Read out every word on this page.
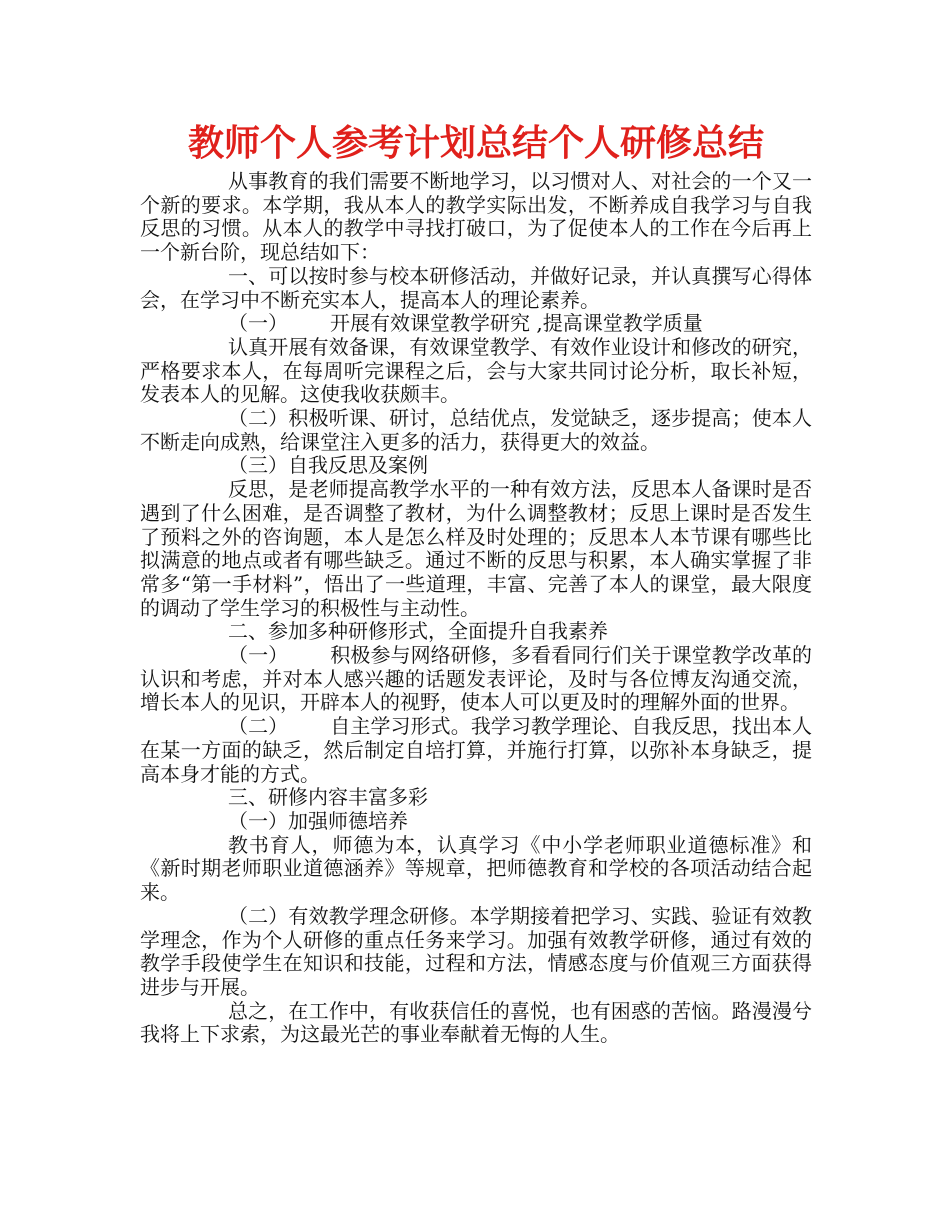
教师个人参考计划总结个人研修总结

从事教育的我们需要不断地学习，以习惯对人、对社会的一个又一个新的要求。本学期，我从本人的教学实际出发，不断养成自我学习与自我反思的习惯。从本人的教学中寻找打破口，为了促使本人的工作在今后再上一个新台阶，现总结如下：

一、可以按时参与校本研修活动，并做好记录，并认真撰写心得体会，在学习中不断充实本人，提高本人的理论素养。

（一） 开展有效课堂教学研究 ,提高课堂教学质量

认真开展有效备课，有效课堂教学、有效作业设计和修改的研究，严格要求本人，在每周听完课程之后，会与大家共同讨论分析，取长补短，发表本人的见解。这使我收获颇丰。

（二）积极听课、研讨，总结优点，发觉缺乏，逐步提高；使本人不断走向成熟，给课堂注入更多的活力，获得更大的效益。

（三）自我反思及案例

反思，是老师提高教学水平的一种有效方法，反思本人备课时是否遇到了什么困难，是否调整了教材，为什么调整教材；反思上课时是否发生了预料之外的咨询题，本人是怎么样及时处理的；反思本人本节课有哪些比拟满意的地点或者有哪些缺乏。通过不断的反思与积累，本人确实掌握了非常多“第一手材料”，悟出了一些道理，丰富、完善了本人的课堂，最大限度的调动了学生学习的积极性与主动性。

二、参加多种研修形式，全面提升自我素养

（一） 积极参与网络研修，多看看同行们关于课堂教学改革的认识和考虑，并对本人感兴趣的话题发表评论，及时与各位博友沟通交流，增长本人的见识，开辟本人的视野，使本人可以更及时的理解外面的世界。

（二） 自主学习形式。我学习教学理论、自我反思，找出本人在某一方面的缺乏，然后制定自培打算，并施行打算，以弥补本身缺乏，提高本身才能的方式。

三、研修内容丰富多彩

（一）加强师德培养

教书育人，师德为本，认真学习《中小学老师职业道德标准》和《新时期老师职业道德涵养》等规章，把师德教育和学校的各项活动结合起来。

（二）有效教学理念研修。本学期接着把学习、实践、验证有效教学理念，作为个人研修的重点任务来学习。加强有效教学研修，通过有效的教学手段使学生在知识和技能，过程和方法，情感态度与价值观三方面获得进步与开展。

总之，在工作中，有收获信任的喜悦，也有困惑的苦恼。路漫漫兮我将上下求索，为这最光芒的事业奉献着无悔的人生。
